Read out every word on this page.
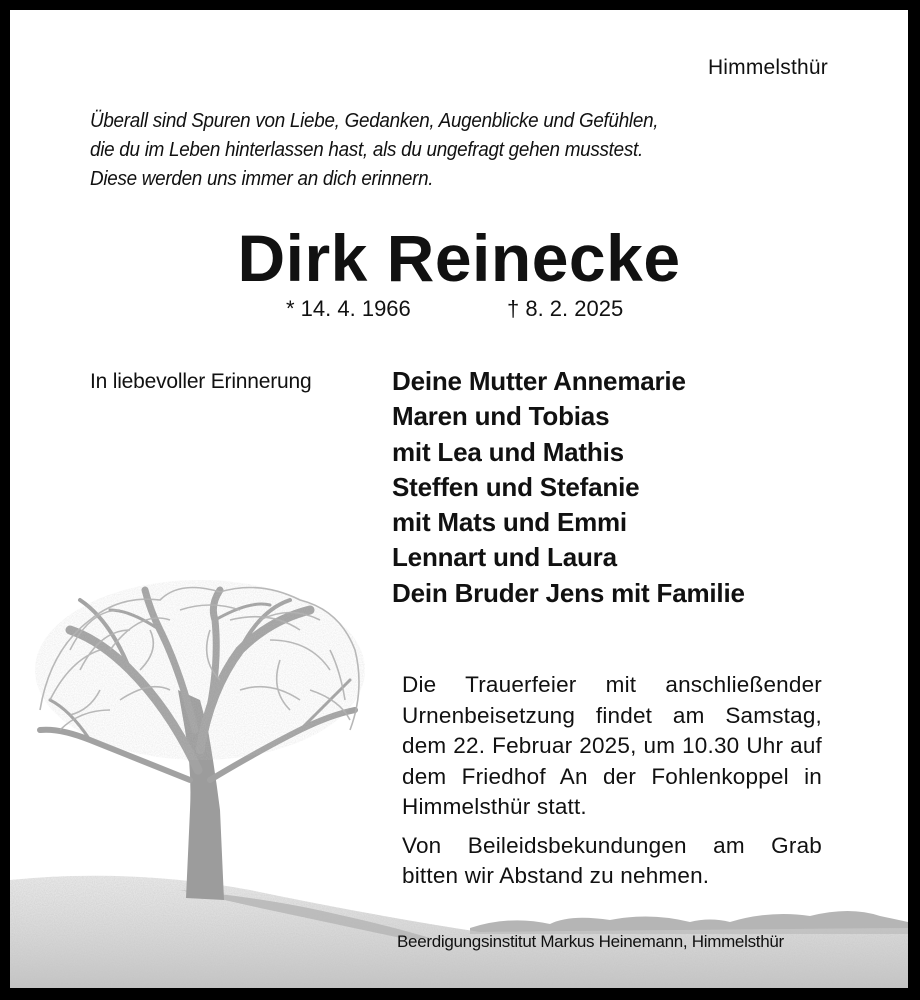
Himmelsthür
Überall sind Spuren von Liebe, Gedanken, Augenblicke und Gefühlen,
die du im Leben hinterlassen hast, als du ungefragt gehen musstest.
Diese werden uns immer an dich erinnern.
Dirk Reinecke
* 14. 4. 1966	† 8. 2. 2025
In liebevoller Erinnerung	Deine Mutter Annemarie
Maren und Tobias
mit Lea und Mathis
Steffen und Stefanie
mit Mats und Emmi
Lennart und Laura
Dein Bruder Jens mit Familie

Die Trauerfeier mit anschließender Urnenbeisetzung findet am Samstag, dem 22. Februar 2025, um 10.30 Uhr auf dem Friedhof An der Fohlenkoppel in Himmelsthür statt.

Von Beileidsbekundungen am Grab bitten wir Abstand zu nehmen.

Beerdigungsinstitut Markus Heinemann, Himmelsthür
